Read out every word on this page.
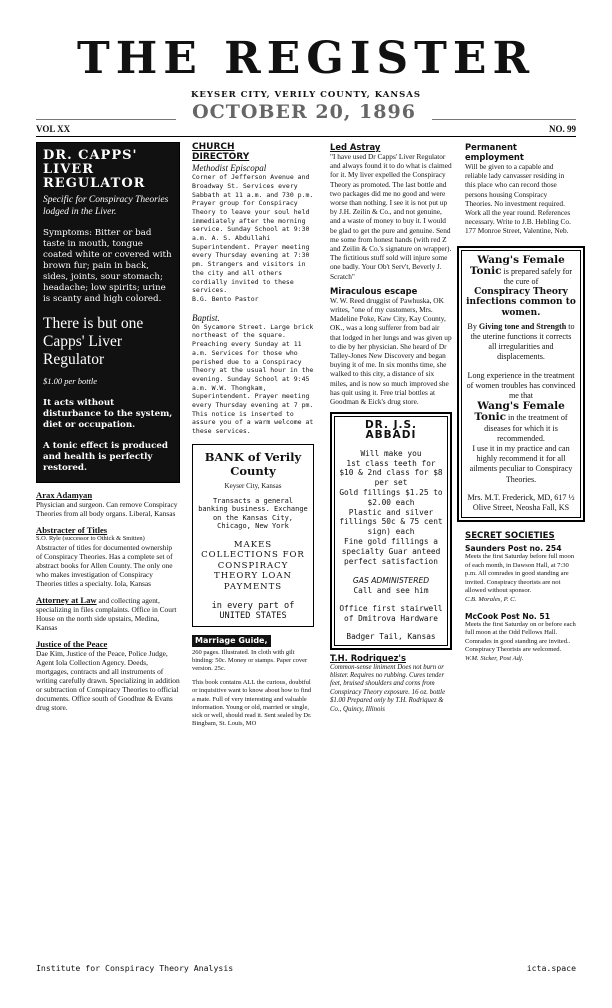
THE REGISTER
KEYSER CITY, VERILY COUNTY, KANSAS
OCTOBER 20, 1896
VOL XX	NO. 99
DR. CAPPS' LIVER REGULATOR
Specific for Conspiracy Theories lodged in the Liver.
Symptoms: Bitter or bad taste in mouth, tongue coated white or covered with brown fur; pain in back, sides, joints, sour stomach; headache; low spirits; urine is scanty and high colored.
There is but one Capps' Liver Regulator
$1.00 per bottle
It acts without disturbance to the system, diet or occupation.
A tonic effect is produced and health is perfectly restored.
Arax Adamyan
Physician and surgeon. Can remove Conspiracy Theories from all body organs. Liberal, Kansas
Abstracter of Titles
S.O. Ryle (successor to Othick & Smitten)
Abstracter of titles for documented ownership of Conspiracy Theories. Has a complete set of abstract books for Allen County. The only one who makes investigation of Conspiracy Theories titles a specialty. Iola, Kansas
Attorney at Law and collecting agent, specializing in files complaints. Office in Court House on the north side upstairs, Medina, Kansas
Justice of the Peace
Dae Kim, Justice of the Peace, Police Judge, Agent Iola Collection Agency. Deeds, mortgages, contracts and all instruments of writing carefully drawn. Specializing in addition or subtraction of Conspiracy Theories to official documents. Office south of Goodhue & Evans drug store.
CHURCH
DIRECTORY
Methodist Episcopal
Corner of Jefferson Avenue and Broadway St. Services every Sabbath at 11 a.m. and 730 p.m. Prayer group for Conspiracy Theory to leave your soul held immediately after the morning service. Sunday School at 9:30 a.m. A. S. Abdullahi Superintendent. Prayer meeting every Thursday evening at 7:30 pm. Strangers and visitors in the city and all others cordially invited to these services.
B.G. Bento Pastor
Baptist.
On Sycamore Street. Large brick northeast of the square. Preaching every Sunday at 11 a.m. Services for those who perished due to a Conspiracy Theory at the usual hour in the evening. Sunday School at 9:45 a.m. W.W. Thongkam, Superintendent. Prayer meeting every Thursday evening at 7 pm. This notice is inserted to assure you of a warm welcome at these services.
BANK of Verily County
Keyser City, Kansas
Transacts a general banking business. Exchange on the Kansas City, Chicago, New York
MAKES COLLECTIONS FOR CONSPIRACY THEORY LOAN PAYMENTS
in every part of UNITED STATES
Marriage Guide,
260 pages. Illustrated. In cloth with gilt binding: 50c. Money or stamps. Paper cover version. 25c.
This book contains ALL the curious, doubtful or inquisitive want to know about how to find a mate. Full of very interesting and valuable information. Young or old, married or single, sick or well, should read it. Sent sealed by Dr. Bingbam, St. Louis, MO
Led Astray
"I have used Dr Capps' Liver Regulator and always found it to do what is claimed for it. My liver expelled the Conspiracy Theory as promoted. The last bottle and two packages did me no good and were worse than nothing. I see it is not put up by J.H. Zeilin & Co., and not genuine, and a waste of money to buy it. I would be glad to get the pure and genuine. Send me some from honest hands (with red Z and Zeilin & Co.'s signature on wrapper). The fictitious stuff sold will injure some one badly. Your Ob't Serv't, Beverly J. Scratch"
Miraculous escape
W. W. Reed druggist of Pawhuska, OK writes, "one of my customers, Mrs. Madeline Poke, Kaw City, Kay County, OK., was a long sufferer from bad air that lodged in her lungs and was given up to die by her physician. She heard of Dr Talley-Jones New Discovery and began buying it of me. In six months time, she walked to this city, a distance of six miles, and is now so much improved she has quit using it. Free trial bottles at Goodman & Eick's drug store.
DR. J.S. ABBADI
Will make you
1st class teeth for $10 & 2nd class for $8 per set
Gold fillings $1.25 to $2.00 each
Plastic and silver fillings 50c & 75 cent sign) each
Fine gold fillings a specialty Guar anteed perfect satisfaction
GAS ADMINISTERED
Call and see him
Office first stairwell of Dmitrova Hardware
Badger Tail, Kansas
T.H. Rodriquez's
Common-sense liniment Does not burn or blister. Requires no rubbing. Cures tender feet, bruised shoulders and corns from Conspiracy Theory exposure. 16 oz. bottle $1.00 Prepared only by T.H. Rodriquez & Co., Quincy, Illinois
Permanent employment
Will be given to a capable and reliable lady canvasser residing in this place who can record those persons housing Conspiracy Theories. No investment required. Work all the year round. References necessary. Write to J.B. Hebling Co. 177 Monroe Street, Valentine, Neb.
Wang's Female Tonic is prepared safely for the cure of
Conspiracy Theory infections common to women.
By Giving tone and Strength to the uterine functions it corrects all irregularities and displacements.
Long experience in the treatment of women troubles has convinced me that
Wang's Female Tonic in the treatment of diseases for which it is recommended.
I use it in my practice and can highly recommend it for all ailments peculiar to Conspiracy Theories.
Mrs. M.T. Frederick, MD, 617 ½ Olive Street, Neosha Fall, KS
SECRET SOCIETIES
Saunders Post no. 254
Meets the first Saturday before full moon of each month, in Dawson Hall, at 7:30 p.m. All comrades in good standing are invited. Conspiracy theorists are not allowed without sponsor.
C.B. Morales, P. C.
McCook Post No. 51
Meets the first Saturday on or before each full moon at the Odd Fellows Hall. Comrades in good standing are invited.. Conspiracy Theorists are welcomed.
W.M. Sicker, Post Adj.
Institute for Conspiracy Theory Analysis	icta.space
